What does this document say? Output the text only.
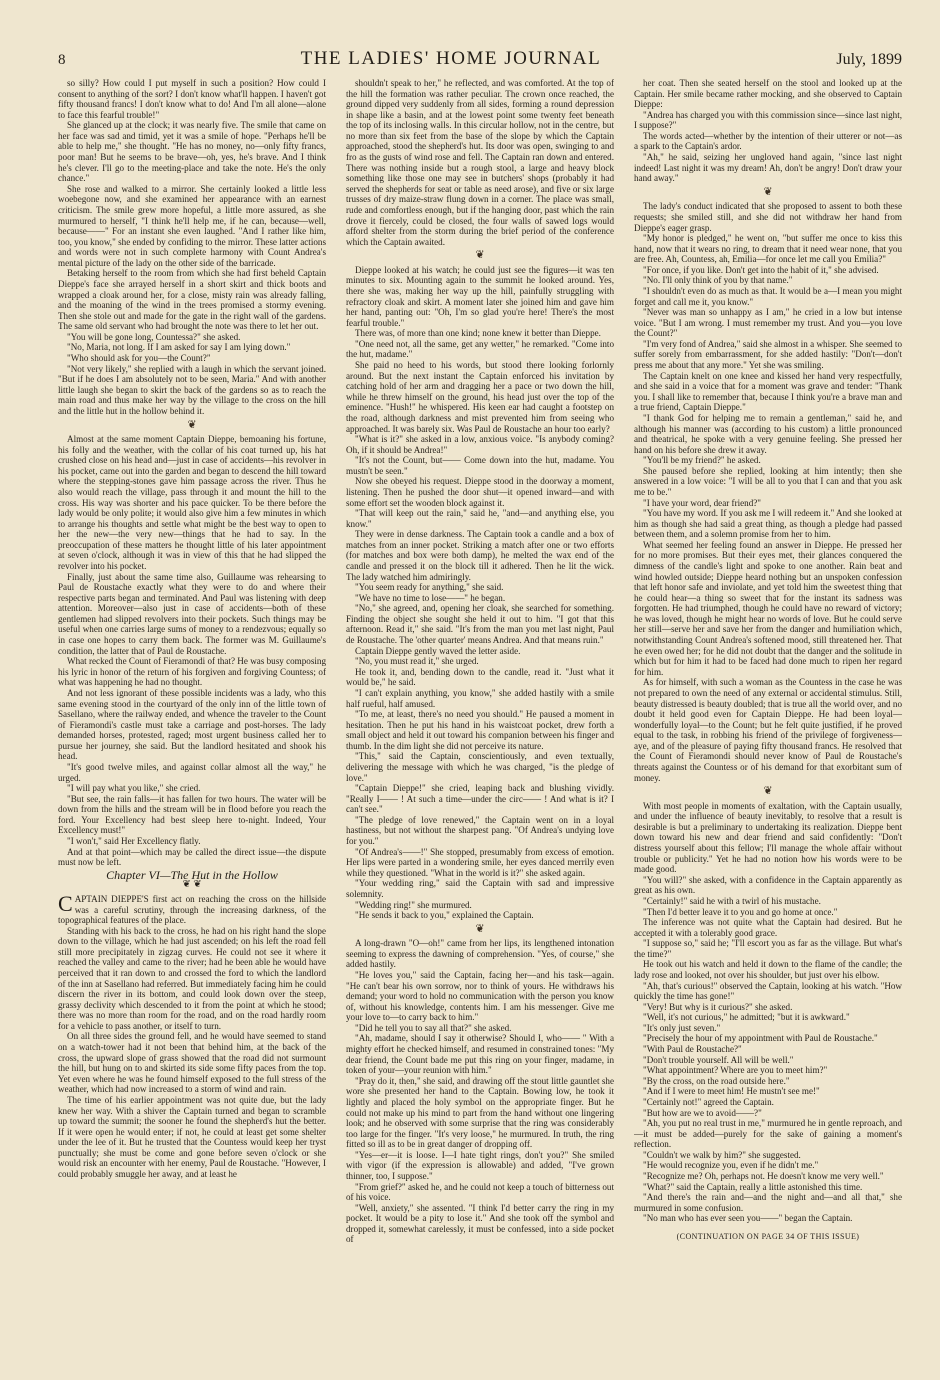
8	THE LADIES' HOME JOURNAL	July, 1899

so silly? How could I put myself in such a position? How could I consent to anything of the sort? I don't know what'll happen. I haven't got fifty thousand francs! I don't know what to do! And I'm all alone—alone to face this fearful trouble!"

She glanced up at the clock; it was nearly five. The smile that came on her face was sad and timid, yet it was a smile of hope. "Perhaps he'll be able to help me," she thought. "He has no money, no—only fifty francs, poor man! But he seems to be brave—oh, yes, he's brave. And I think he's clever. I'll go to the meeting-place and take the note. He's the only chance."

She rose and walked to a mirror. She certainly looked a little less woebegone now, and she examined her appearance with an earnest criticism. The smile grew more hopeful, a little more assured, as she murmured to herself, "I think he'll help me, if he can, because—well, because——" For an instant she even laughed. "And I rather like him, too, you know," she ended by confiding to the mirror. These latter actions and words were not in such complete harmony with Count Andrea's mental picture of the lady on the other side of the barricade.

Betaking herself to the room from which she had first beheld Captain Dieppe's face she arrayed herself in a short skirt and thick boots and wrapped a cloak around her, for a close, misty rain was already falling, and the moaning of the wind in the trees promised a stormy evening. Then she stole out and made for the gate in the right wall of the gardens. The same old servant who had brought the note was there to let her out.

"You will be gone long, Countessa?" she asked.

"No, Maria, not long. If I am asked for say I am lying down."

"Who should ask for you—the Count?"

"Not very likely," she replied with a laugh in which the servant joined. "But if he does I am absolutely not to be seen, Maria." And with another little laugh she began to skirt the back of the gardens so as to reach the main road and thus make her way by the village to the cross on the hill and the little hut in the hollow behind it.

❦

Almost at the same moment Captain Dieppe, bemoaning his fortune, his folly and the weather, with the collar of his coat turned up, his hat crushed close on his head and—just in case of accidents—his revolver in his pocket, came out into the garden and began to descend the hill toward where the stepping-stones gave him passage across the river. Thus he also would reach the village, pass through it and mount the hill to the cross. His way was shorter and his pace quicker. To be there before the lady would be only polite; it would also give him a few minutes in which to arrange his thoughts and settle what might be the best way to open to her the new—the very new—things that he had to say. In the preoccupation of these matters he thought little of his later appointment at seven o'clock, although it was in view of this that he had slipped the revolver into his pocket.

Finally, just about the same time also, Guillaume was rehearsing to Paul de Roustache exactly what they were to do and where their respective parts began and terminated. And Paul was listening with deep attention. Moreover—also just in case of accidents—both of these gentlemen had slipped revolvers into their pockets. Such things may be useful when one carries large sums of money to a rendezvous; equally so in case one hopes to carry them back. The former was M. Guillaume's condition, the latter that of Paul de Roustache.

What recked the Count of Fieramondi of that? He was busy composing his lyric in honor of the return of his forgiven and forgiving Countess; of what was happening he had no thought.

And not less ignorant of these possible incidents was a lady, who this same evening stood in the courtyard of the only inn of the little town of Sasellano, where the railway ended, and whence the traveler to the Count of Fieramondi's castle must take a carriage and post-horses. The lady demanded horses, protested, raged; most urgent business called her to pursue her journey, she said. But the landlord hesitated and shook his head.

"It's good twelve miles, and against collar almost all the way," he urged.

"I will pay what you like," she cried.

"But see, the rain falls—it has fallen for two hours. The water will be down from the hills and the stream will be in flood before you reach the ford. Your Excellency had best sleep here to-night. Indeed, Your Excellency must!"

"I won't," said Her Excellency flatly.

And at that point—which may be called the direct issue—the dispute must now be left.

Chapter VI—The Hut in the Hollow
❦ ❦

CAPTAIN DIEPPE'S first act on reaching the cross on the hillside was a careful scrutiny, through the increasing darkness, of the topographical features of the place.

Standing with his back to the cross, he had on his right hand the slope down to the village, which he had just ascended; on his left the road fell still more precipitately in zigzag curves. He could not see it where it reached the valley and came to the river; had he been able he would have perceived that it ran down to and crossed the ford to which the landlord of the inn at Sasellano had referred. But immediately facing him he could discern the river in its bottom, and could look down over the steep, grassy declivity which descended to it from the point at which he stood; there was no more than room for the road, and on the road hardly room for a vehicle to pass another, or itself to turn.

On all three sides the ground fell, and he would have seemed to stand on a watch-tower had it not been that behind him, at the back of the cross, the upward slope of grass showed that the road did not surmount the hill, but hung on to and skirted its side some fifty paces from the top. Yet even where he was he found himself exposed to the full stress of the weather, which had now increased to a storm of wind and rain.

The time of his earlier appointment was not quite due, but the lady knew her way. With a shiver the Captain turned and began to scramble up toward the summit; the sooner he found the shepherd's hut the better. If it were open he would enter; if not, he could at least get some shelter under the lee of it. But he trusted that the Countess would keep her tryst punctually; she must be come and gone before seven o'clock or she would risk an encounter with her enemy, Paul de Roustache. "However, I could probably smuggle her away, and at least he

shouldn't speak to her," he reflected, and was comforted. At the top of the hill the formation was rather peculiar. The crown once reached, the ground dipped very suddenly from all sides, forming a round depression in shape like a basin, and at the lowest point some twenty feet beneath the top of its inclosing walls. In this circular hollow, not in the centre, but no more than six feet from the base of the slope by which the Captain approached, stood the shepherd's hut. Its door was open, swinging to and fro as the gusts of wind rose and fell. The Captain ran down and entered. There was nothing inside but a rough stool, a large and heavy block something like those one may see in butchers' shops (probably it had served the shepherds for seat or table as need arose), and five or six large trusses of dry maize-straw flung down in a corner. The place was small, rude and comfortless enough, but if the hanging door, past which the rain drove it fiercely, could be closed, the four walls of sawed logs would afford shelter from the storm during the brief period of the conference which the Captain awaited.

❦

Dieppe looked at his watch; he could just see the figures—it was ten minutes to six. Mounting again to the summit he looked around. Yes, there she was, making her way up the hill, painfully struggling with refractory cloak and skirt. A moment later she joined him and gave him her hand, panting out: "Oh, I'm so glad you're here! There's the most fearful trouble."

There was, of more than one kind; none knew it better than Dieppe.

"One need not, all the same, get any wetter," he remarked. "Come into the hut, madame."

She paid no heed to his words, but stood there looking forlornly around. But the next instant the Captain enforced his invitation by catching hold of her arm and dragging her a pace or two down the hill, while he threw himself on the ground, his head just over the top of the eminence. "Hush!" he whispered. His keen ear had caught a footstep on the road, although darkness and mist prevented him from seeing who approached. It was barely six. Was Paul de Roustache an hour too early?

"What is it?" she asked in a low, anxious voice. "Is anybody coming? Oh, if it should be Andrea!"

"It's not the Count, but—— Come down into the hut, madame. You mustn't be seen."

Now she obeyed his request. Dieppe stood in the doorway a moment, listening. Then he pushed the door shut—it opened inward—and with some effort set the wooden block against it.

"That will keep out the rain," said he, "and—and anything else, you know."

They were in dense darkness. The Captain took a candle and a box of matches from an inner pocket. Striking a match after one or two efforts (for matches and box were both damp), he melted the wax end of the candle and pressed it on the block till it adhered. Then he lit the wick. The lady watched him admiringly.

"You seem ready for anything," she said.

"We have no time to lose——" he began.

"No," she agreed, and, opening her cloak, she searched for something. Finding the object she sought she held it out to him. "I got that this afternoon. Read it," she said. "It's from the man you met last night, Paul de Roustache. The 'other quarter' means Andrea. And that means ruin."

Captain Dieppe gently waved the letter aside.

"No, you must read it," she urged.

He took it, and, bending down to the candle, read it. "Just what it would be," he said.

"I can't explain anything, you know," she added hastily with a smile half rueful, half amused.

"To me, at least, there's no need you should." He paused a moment in hesitation. Then he put his hand in his waistcoat pocket, drew forth a small object and held it out toward his companion between his finger and thumb. In the dim light she did not perceive its nature.

"This," said the Captain, conscientiously, and even textually, delivering the message with which he was charged, "is the pledge of love."

"Captain Dieppe!" she cried, leaping back and blushing vividly. "Really I—— ! At such a time—under the circ—— ! And what is it? I can't see."

"The pledge of love renewed," the Captain went on in a loyal hastiness, but not without the sharpest pang. "Of Andrea's undying love for you."

"Of Andrea's——!" She stopped, presumably from excess of emotion. Her lips were parted in a wondering smile, her eyes danced merrily even while they questioned. "What in the world is it?" she asked again.

"Your wedding ring," said the Captain with sad and impressive solemnity.

"Wedding ring!" she murmured.

"He sends it back to you," explained the Captain.

❦

A long-drawn "O—oh!" came from her lips, its lengthened intonation seeming to express the dawning of comprehension. "Yes, of course," she added hastily.

"He loves you," said the Captain, facing her—and his task—again. "He can't bear his own sorrow, nor to think of yours. He withdraws his demand; your word to hold no communication with the person you know of, without his knowledge, contents him. I am his messenger. Give me your love to—to carry back to him."

"Did he tell you to say all that?" she asked.

"Ah, madame, should I say it otherwise? Should I, who—— " With a mighty effort he checked himself, and resumed in constrained tones: "My dear friend, the Count bade me put this ring on your finger, madame, in token of your—your reunion with him."

"Pray do it, then," she said, and drawing off the stout little gauntlet she wore she presented her hand to the Captain. Bowing low, he took it lightly and placed the holy symbol on the appropriate finger. But he could not make up his mind to part from the hand without one lingering look; and he observed with some surprise that the ring was considerably too large for the finger. "It's very loose," he murmured. In truth, the ring fitted so ill as to be in great danger of dropping off.

"Yes—er—it is loose. I—I hate tight rings, don't you?" She smiled with vigor (if the expression is allowable) and added, "I've grown thinner, too, I suppose."

"From grief?" asked he, and he could not keep a touch of bitterness out of his voice.

"Well, anxiety," she assented. "I think I'd better carry the ring in my pocket. It would be a pity to lose it." And she took off the symbol and dropped it, somewhat carelessly, it must be confessed, into a side pocket of

her coat. Then she seated herself on the stool and looked up at the Captain. Her smile became rather mocking, and she observed to Captain Dieppe:

"Andrea has charged you with this commission since—since last night, I suppose?"

The words acted—whether by the intention of their utterer or not—as a spark to the Captain's ardor.

"Ah," he said, seizing her ungloved hand again, "since last night indeed! Last night it was my dream! Ah, don't be angry! Don't draw your hand away."

❦

The lady's conduct indicated that she proposed to assent to both these requests; she smiled still, and she did not withdraw her hand from Dieppe's eager grasp.

"My honor is pledged," he went on, "but suffer me once to kiss this hand, now that it wears no ring, to dream that it need wear none, that you are free. Ah, Countess, ah, Emilia—for once let me call you Emilia?"

"For once, if you like. Don't get into the habit of it," she advised.

"No. I'll only think of you by that name."

"I shouldn't even do as much as that. It would be a—I mean you might forget and call me it, you know."

"Never was man so unhappy as I am," he cried in a low but intense voice. "But I am wrong. I must remember my trust. And you—you love the Count?"

"I'm very fond of Andrea," said she almost in a whisper. She seemed to suffer sorely from embarrassment, for she added hastily: "Don't—don't press me about that any more." Yet she was smiling.

The Captain knelt on one knee and kissed her hand very respectfully, and she said in a voice that for a moment was grave and tender: "Thank you. I shall like to remember that, because I think you're a brave man and a true friend, Captain Dieppe."

"I thank God for helping me to remain a gentleman," said he, and although his manner was (according to his custom) a little pronounced and theatrical, he spoke with a very genuine feeling. She pressed her hand on his before she drew it away.

"You'll be my friend?" he asked.

She paused before she replied, looking at him intently; then she answered in a low voice: "I will be all to you that I can and that you ask me to be."

"I have your word, dear friend?"

"You have my word. If you ask me I will redeem it." And she looked at him as though she had said a great thing, as though a pledge had passed between them, and a solemn promise from her to him.

What seemed her feeling found an answer in Dieppe. He pressed her for no more promises. But their eyes met, their glances conquered the dimness of the candle's light and spoke to one another. Rain beat and wind howled outside; Dieppe heard nothing but an unspoken confession that left honor safe and inviolate, and yet told him the sweetest thing that he could hear—a thing so sweet that for the instant its sadness was forgotten. He had triumphed, though he could have no reward of victory; he was loved, though he might hear no words of love. But he could serve her still—serve her and save her from the danger and humiliation which, notwithstanding Count Andrea's softened mood, still threatened her. That he even owed her; for he did not doubt that the danger and the solitude in which but for him it had to be faced had done much to ripen her regard for him.

As for himself, with such a woman as the Countess in the case he was not prepared to own the need of any external or accidental stimulus. Still, beauty distressed is beauty doubled; that is true all the world over, and no doubt it held good even for Captain Dieppe. He had been loyal—wonderfully loyal—to the Count; but he felt quite justified, if he proved equal to the task, in robbing his friend of the privilege of forgiveness—aye, and of the pleasure of paying fifty thousand francs. He resolved that the Count of Fieramondi should never know of Paul de Roustache's threats against the Countess or of his demand for that exorbitant sum of money.

❦

With most people in moments of exaltation, with the Captain usually, and under the influence of beauty inevitably, to resolve that a result is desirable is but a preliminary to undertaking its realization. Dieppe bent down toward his new and dear friend and said confidently: "Don't distress yourself about this fellow; I'll manage the whole affair without trouble or publicity." Yet he had no notion how his words were to be made good.

"You will?" she asked, with a confidence in the Captain apparently as great as his own.

"Certainly!" said he with a twirl of his mustache.

"Then I'd better leave it to you and go home at once."

The inference was not quite what the Captain had desired. But he accepted it with a tolerably good grace.

"I suppose so," said he; "I'll escort you as far as the village. But what's the time?"

He took out his watch and held it down to the flame of the candle; the lady rose and looked, not over his shoulder, but just over his elbow.

"Ah, that's curious!" observed the Captain, looking at his watch. "How quickly the time has gone!"

"Very! But why is it curious?" she asked.

"Well, it's not curious," he admitted; "but it is awkward."

"It's only just seven."

"Precisely the hour of my appointment with Paul de Roustache."

"With Paul de Roustache?"

"Don't trouble yourself. All will be well."

"What appointment? Where are you to meet him?"

"By the cross, on the road outside here."

"And if I were to meet him! He mustn't see me!"

"Certainly not!" agreed the Captain.

"But how are we to avoid——?"

"Ah, you put no real trust in me," murmured he in gentle reproach, and—it must be added—purely for the sake of gaining a moment's reflection.

"Couldn't we walk by him?" she suggested.

"He would recognize you, even if he didn't me."

"Recognize me? Oh, perhaps not. He doesn't know me very well."

"What?" said the Captain, really a little astonished this time.

"And there's the rain and—and the night and—and all that," she murmured in some confusion.

"No man who has ever seen you——" began the Captain.

(CONTINUATION ON PAGE 34 OF THIS ISSUE)
